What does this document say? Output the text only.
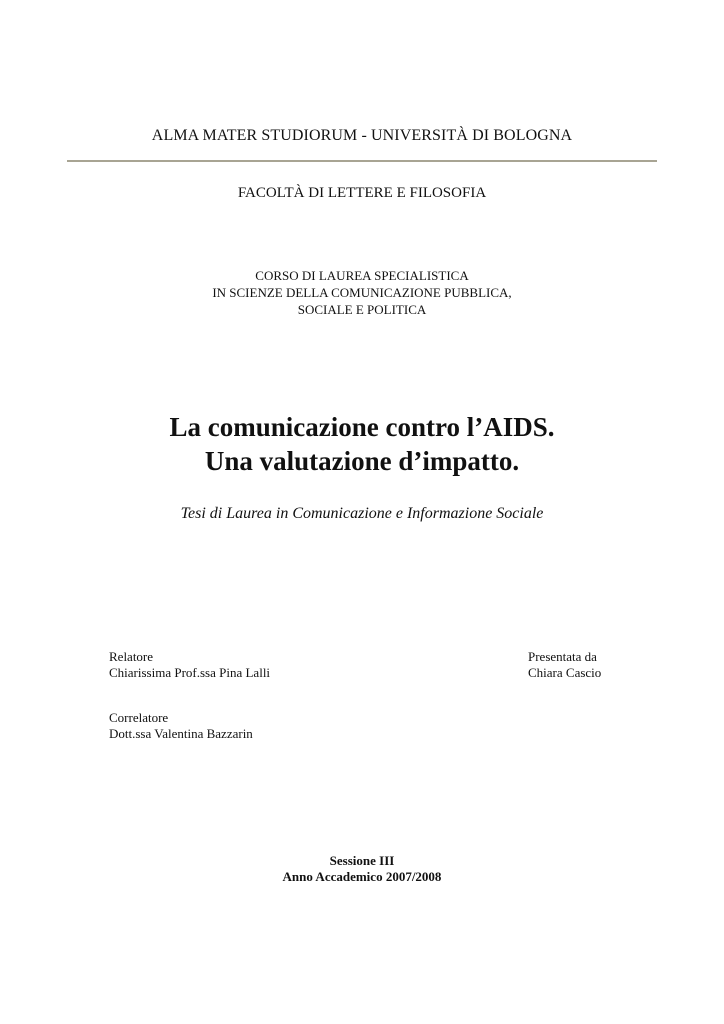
ALMA MATER STUDIORUM - UNIVERSITÀ DI BOLOGNA
FACOLTÀ DI LETTERE E FILOSOFIA
CORSO DI LAUREA SPECIALISTICA
IN SCIENZE DELLA COMUNICAZIONE PUBBLICA,
SOCIALE E POLITICA
La comunicazione contro l’AIDS.
Una valutazione d’impatto.
Tesi di Laurea in Comunicazione e Informazione Sociale
Relatore
Chiarissima Prof.ssa Pina Lalli
Presentata da
Chiara Cascio
Correlatore
Dott.ssa Valentina Bazzarin
Sessione III
Anno Accademico 2007/2008
